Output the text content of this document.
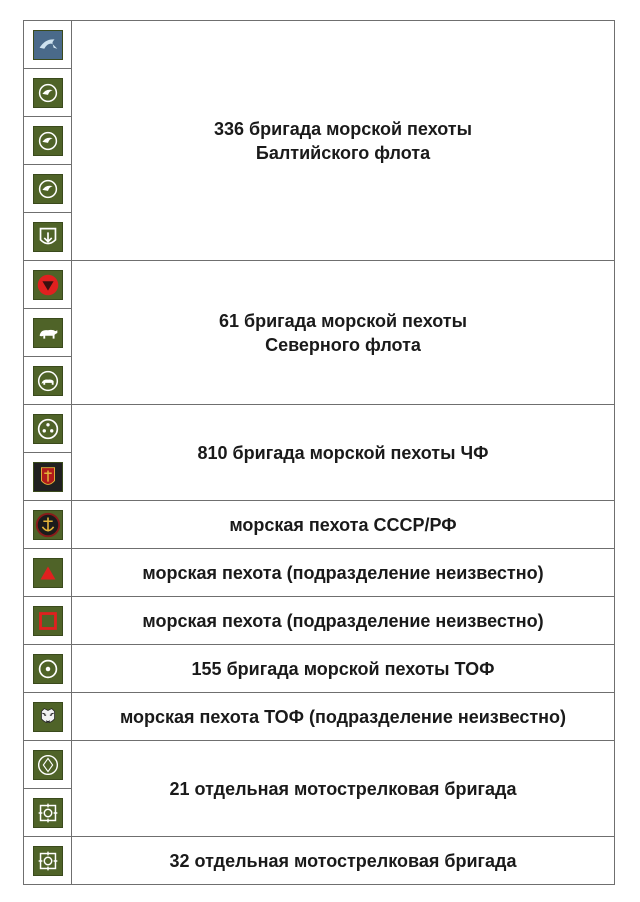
	336 бригада морской пехоты
Балтийского флота

	61 бригада морской пехоты
Северного флота

	810 бригада морской пехоты ЧФ

	морская пехота СССР/РФ

	морская пехота (подразделение неизвестно)

	морская пехота (подразделение неизвестно)

	155 бригада морской пехоты ТОФ

	морская пехота ТОФ (подразделение неизвестно)

	21 отдельная мотострелковая бригада

	32 отдельная мотострелковая бригада
